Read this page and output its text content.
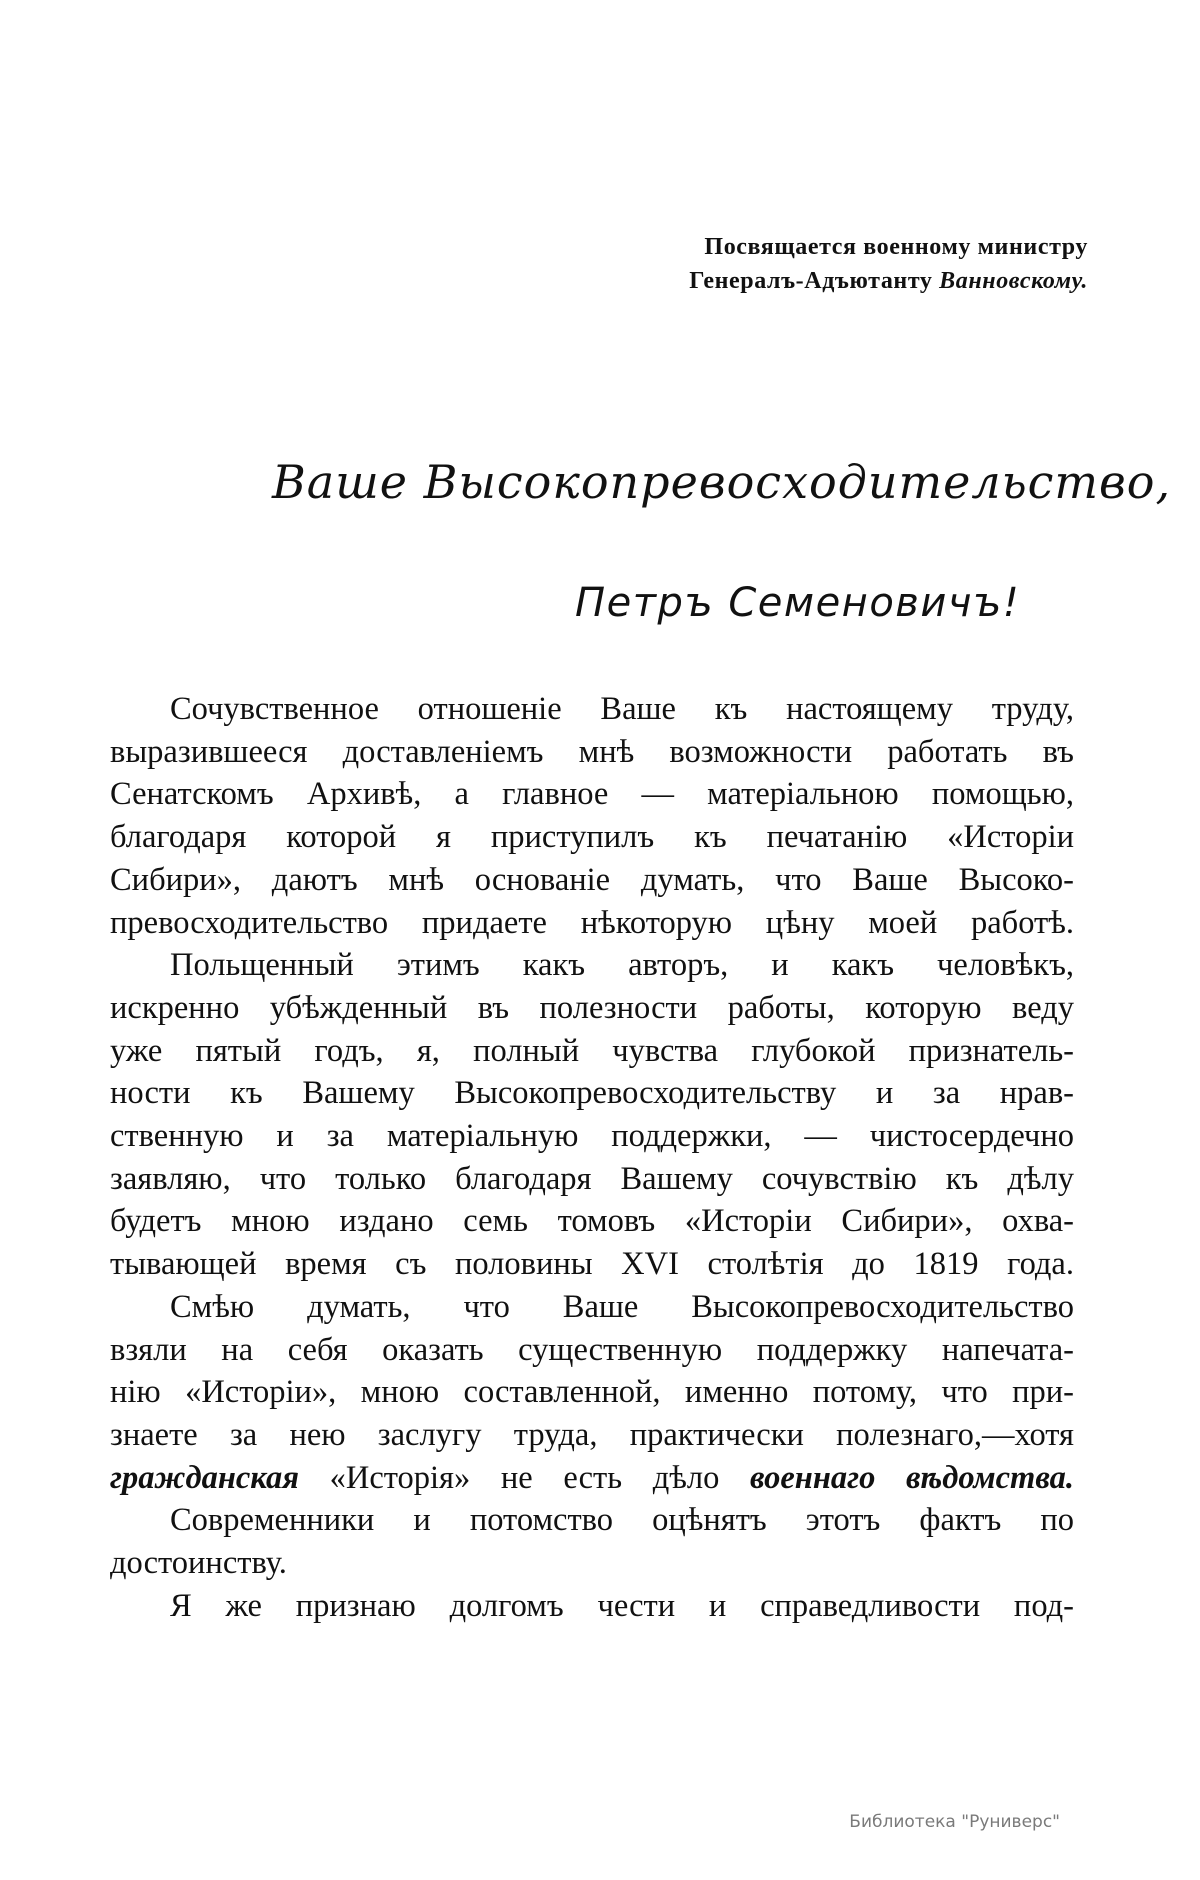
Посвящается военному министру
Генералъ-Адъютанту Ванновскому.
Ваше Высокопревосходительство,
Петръ Семеновичъ!
Сочувственное отношеніе Ваше къ настоящему труду,
выразившееся доставленіемъ мнѣ возможности работать въ
Сенатскомъ Архивѣ, а главное — матеріальною помощью,
благодаря которой я приступилъ къ печатанію «Исторіи
Сибири», даютъ мнѣ основаніе думать, что Ваше Высоко-
превосходительство придаете нѣкоторую цѣну моей работѣ.
Польщенный этимъ какъ авторъ, и какъ человѣкъ,
искренно убѣжденный въ полезности работы, которую веду
уже пятый годъ, я, полный чувства глубокой признатель-
ности къ Вашему Высокопревосходительству и за нрав-
ственную и за матеріальную поддержки, — чистосердечно
заявляю, что только благодаря Вашему сочувствію къ дѣлу
будетъ мною издано семь томовъ «Исторіи Сибири», охва-
тывающей время съ половины XVI столѣтія до 1819 года.
Смѣю думать, что Ваше Высокопревосходительство
взяли на себя оказать существенную поддержку напечата-
нію «Исторіи», мною составленной, именно потому, что при-
знаете за нею заслугу труда, практически полезнаго,—хотя
гражданская «Исторія» не есть дѣло военнаго вѣдомства.
Современники и потомство оцѣнятъ этотъ фактъ по
достоинству.
Я же признаю долгомъ чести и справедливости под-
Библиотека "Руниверс"
